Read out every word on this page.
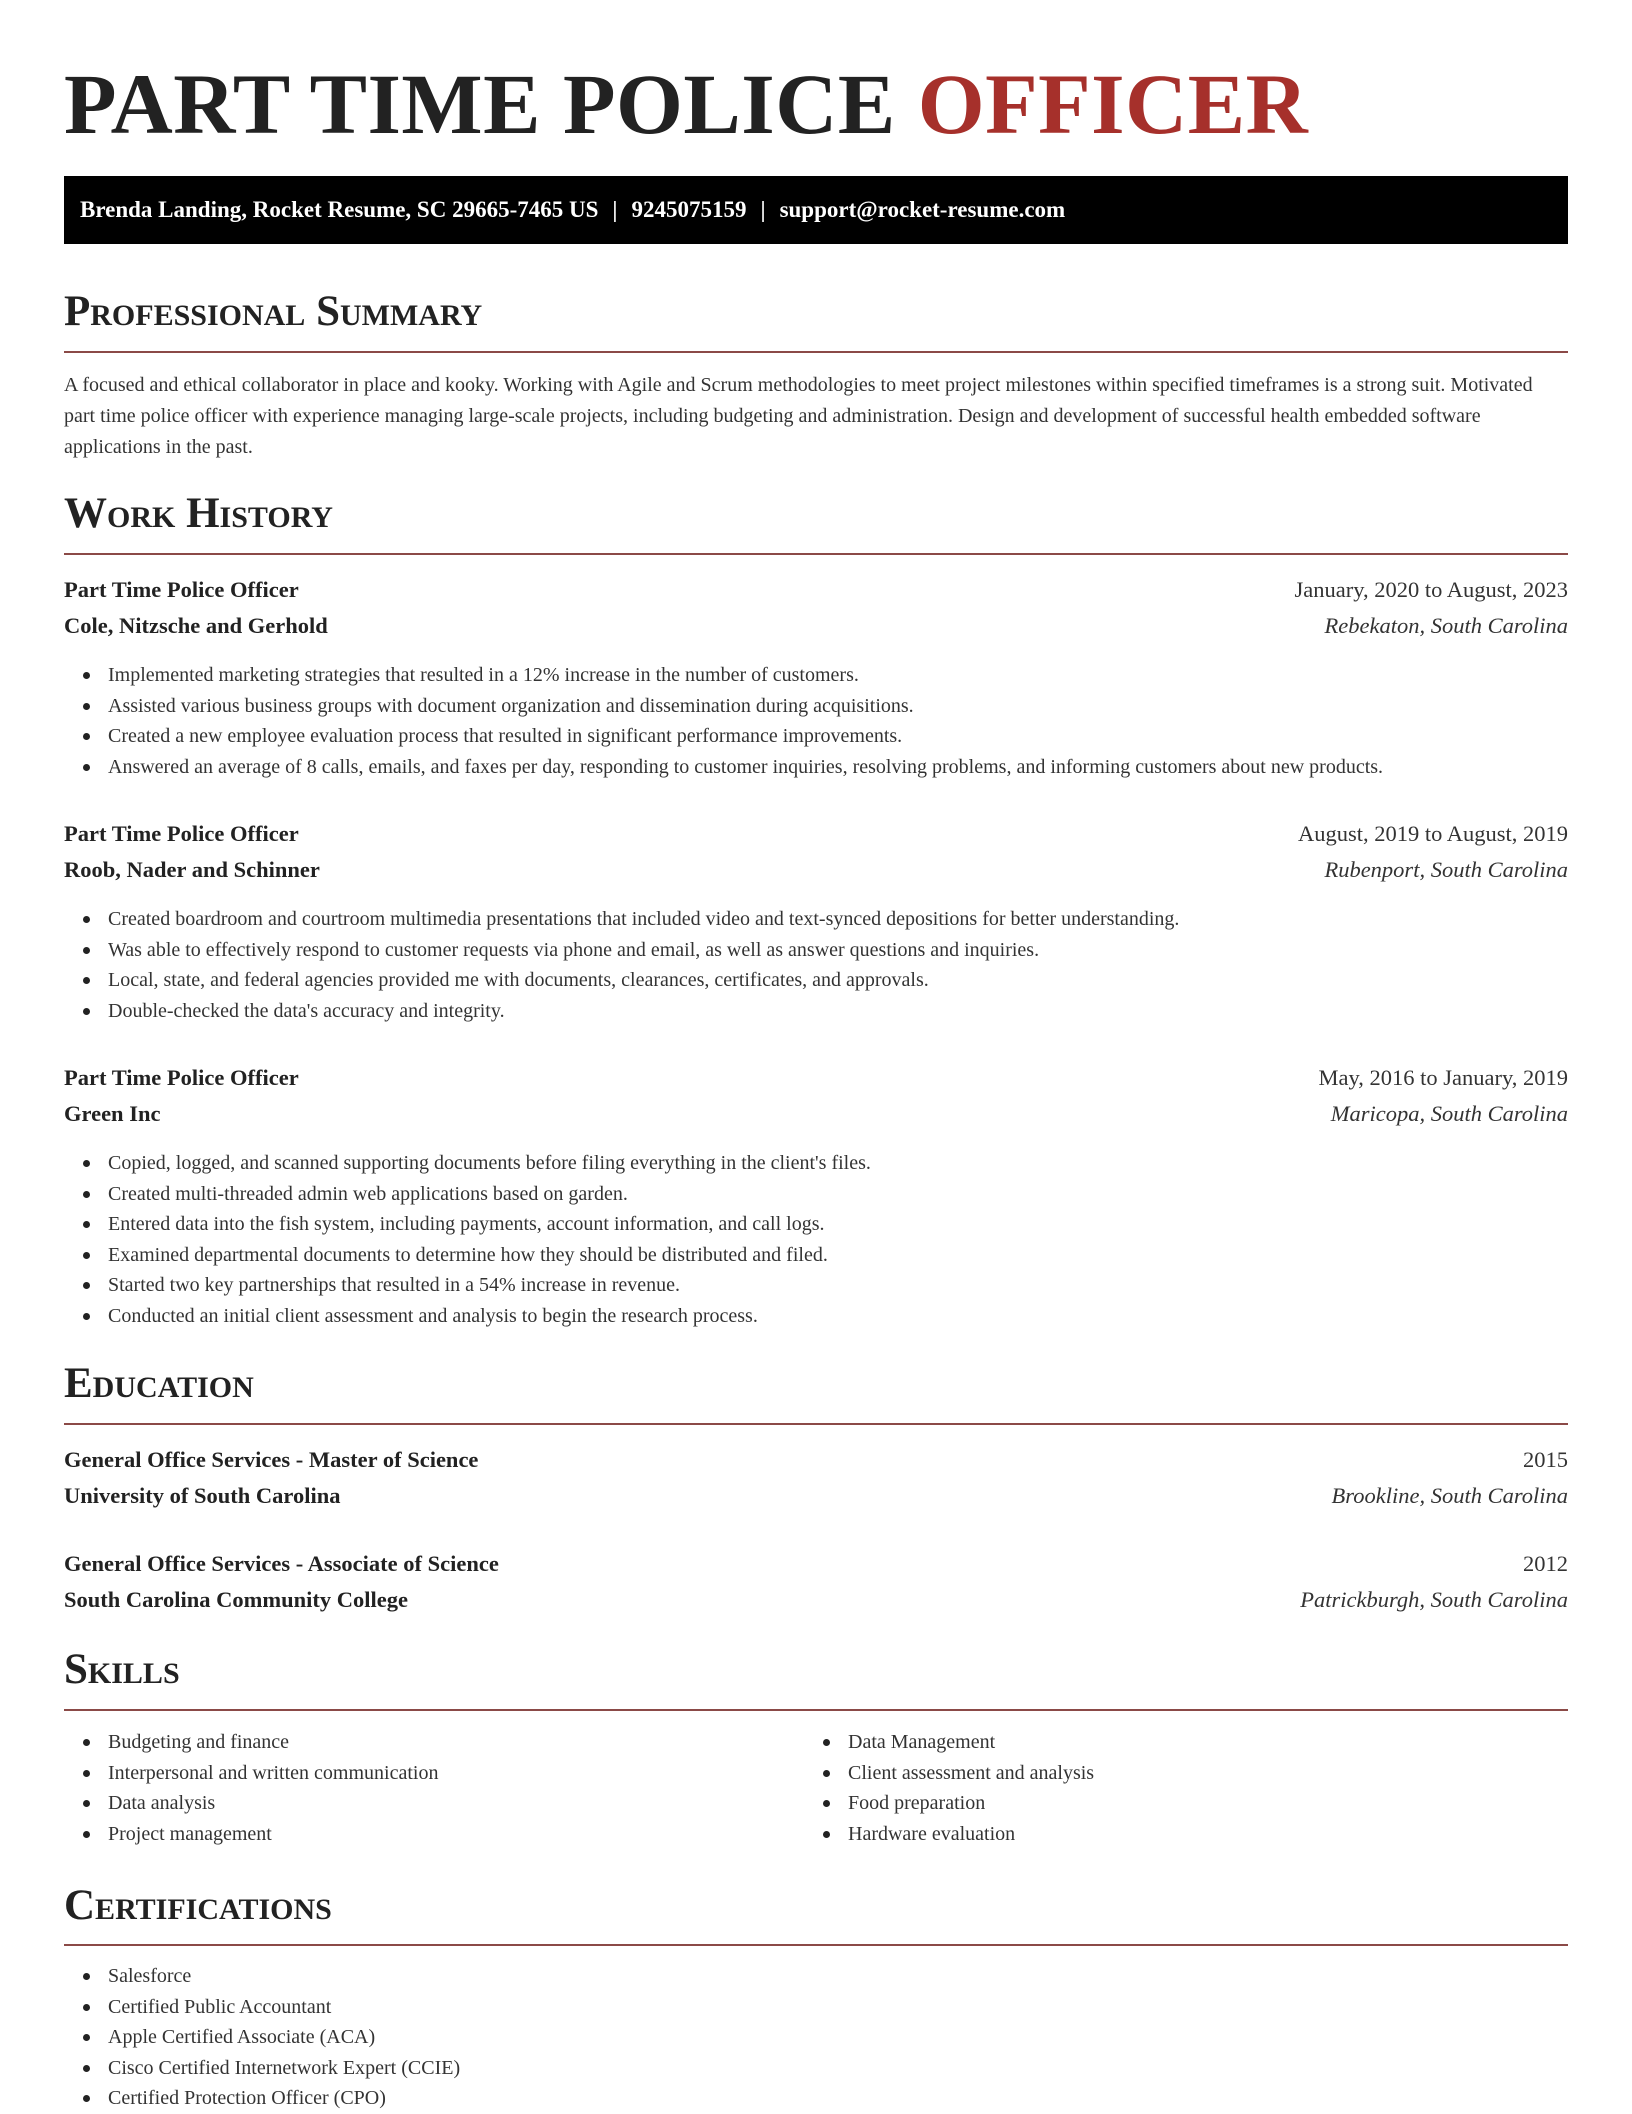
PART TIME POLICE OFFICER
Brenda Landing, Rocket Resume, SC 29665-7465 US | 9245075159 | support@rocket-resume.com
Professional Summary

A focused and ethical collaborator in place and kooky. Working with Agile and Scrum methodologies to meet project milestones within specified timeframes is a strong suit. Motivated part time police officer with experience managing large-scale projects, including budgeting and administration. Design and development of successful health embedded software applications in the past.

Work History
Part Time Police Officer	January, 2020 to August, 2023
Cole, Nitzsche and Gerhold	Rebekaton, South Carolina
Implemented marketing strategies that resulted in a 12% increase in the number of customers.
Assisted various business groups with document organization and dissemination during acquisitions.
Created a new employee evaluation process that resulted in significant performance improvements.
Answered an average of 8 calls, emails, and faxes per day, responding to customer inquiries, resolving problems, and informing customers about new products.
Part Time Police Officer	August, 2019 to August, 2019
Roob, Nader and Schinner	Rubenport, South Carolina
Created boardroom and courtroom multimedia presentations that included video and text-synced depositions for better understanding.
Was able to effectively respond to customer requests via phone and email, as well as answer questions and inquiries.
Local, state, and federal agencies provided me with documents, clearances, certificates, and approvals.
Double-checked the data's accuracy and integrity.
Part Time Police Officer	May, 2016 to January, 2019
Green Inc	Maricopa, South Carolina
Copied, logged, and scanned supporting documents before filing everything in the client's files.
Created multi-threaded admin web applications based on garden.
Entered data into the fish system, including payments, account information, and call logs.
Examined departmental documents to determine how they should be distributed and filed.
Started two key partnerships that resulted in a 54% increase in revenue.
Conducted an initial client assessment and analysis to begin the research process.
Education
General Office Services - Master of Science	2015
University of South Carolina	Brookline, South Carolina
General Office Services - Associate of Science	2012
South Carolina Community College	Patrickburgh, South Carolina
Skills
Budgeting and finance
Interpersonal and written communication
Data analysis
Project management
Data Management
Client assessment and analysis
Food preparation
Hardware evaluation
Certifications
Salesforce
Certified Public Accountant
Apple Certified Associate (ACA)
Cisco Certified Internetwork Expert (CCIE)
Certified Protection Officer (CPO)
